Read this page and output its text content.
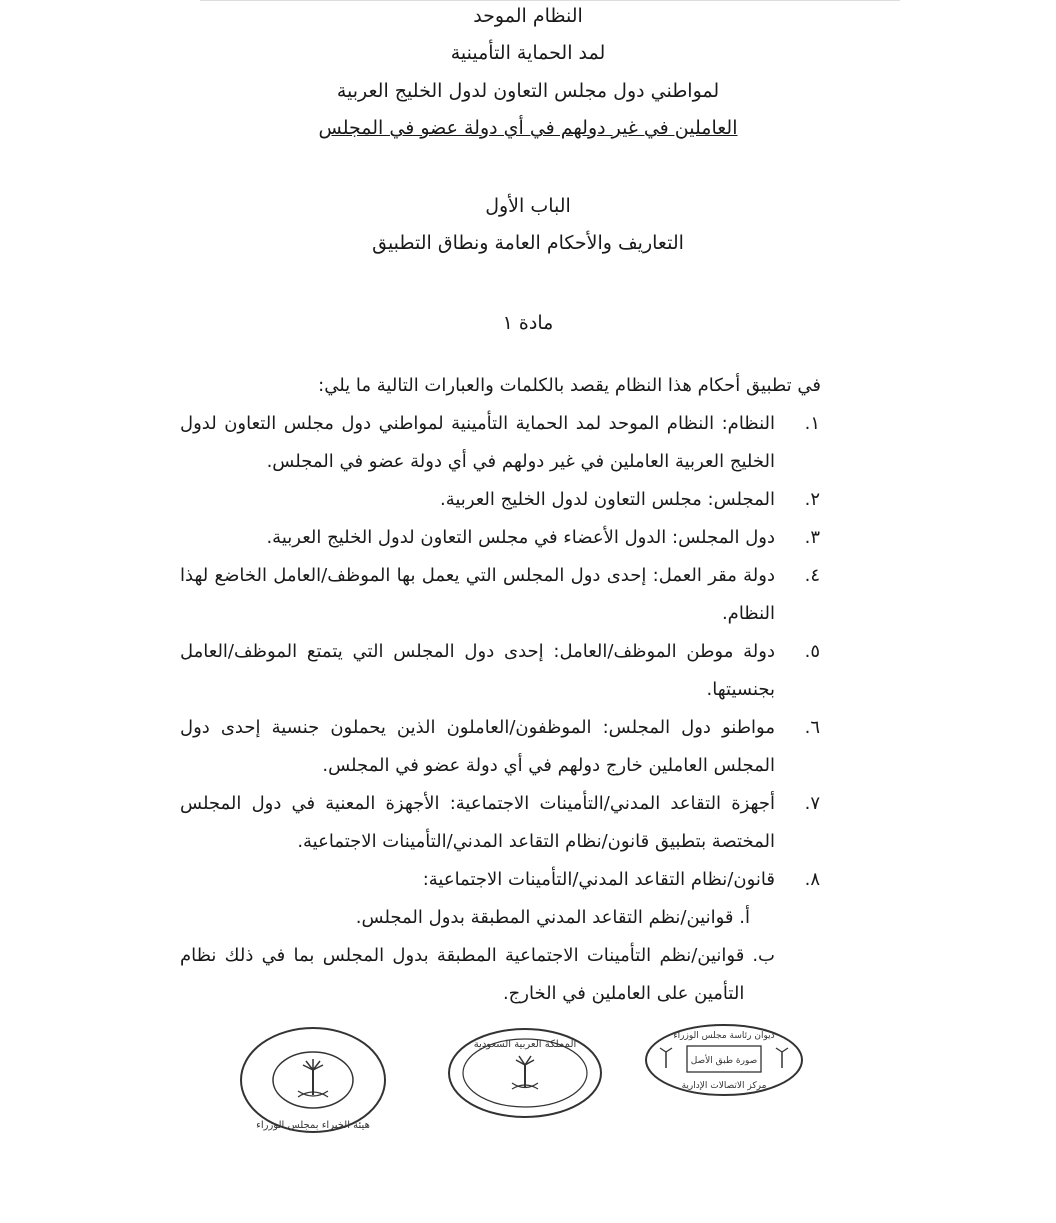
النظام الموحد
لمد الحماية التأمينية
لمواطني دول مجلس التعاون لدول الخليج العربية
العاملين في غير دولهم في أي دولة عضو في المجلس
الباب الأول
التعاريف والأحكام العامة ونطاق التطبيق
مادة ١
في تطبيق أحكام هذا النظام يقصد بالكلمات والعبارات التالية ما يلي:
١.
النظام: النظام الموحد لمد الحماية التأمينية لمواطني دول مجلس التعاون لدول الخليج العربية العاملين في غير دولهم في أي دولة عضو في المجلس.
٢.
المجلس: مجلس التعاون لدول الخليج العربية.
٣.
دول المجلس: الدول الأعضاء في مجلس التعاون لدول الخليج العربية.
٤.
دولة مقر العمل: إحدى دول المجلس التي يعمل بها الموظف/العامل الخاضع لهذا النظام.
٥.
دولة موطن الموظف/العامل: إحدى دول المجلس التي يتمتع الموظف/العامل بجنسيتها.
٦.
مواطنو دول المجلس: الموظفون/العاملون الذين يحملون جنسية إحدى دول المجلس العاملين خارج دولهم في أي دولة عضو في المجلس.
٧.
أجهزة التقاعد المدني/التأمينات الاجتماعية: الأجهزة المعنية في دول المجلس المختصة بتطبيق قانون/نظام التقاعد المدني/التأمينات الاجتماعية.
٨.
قانون/نظام التقاعد المدني/التأمينات الاجتماعية:
أ. قوانين/نظم التقاعد المدني المطبقة بدول المجلس.
ب.
قوانين/نظم التأمينات الاجتماعية المطبقة بدول المجلس بما في ذلك نظام التأمين على العاملين في الخارج.
هيئة الخبراء بمجلس الوزراء
المملكة العربية السعودية
ديوان رئاسة مجلس الوزراء
صورة طبق الأصل
مركز الاتصالات الإدارية
